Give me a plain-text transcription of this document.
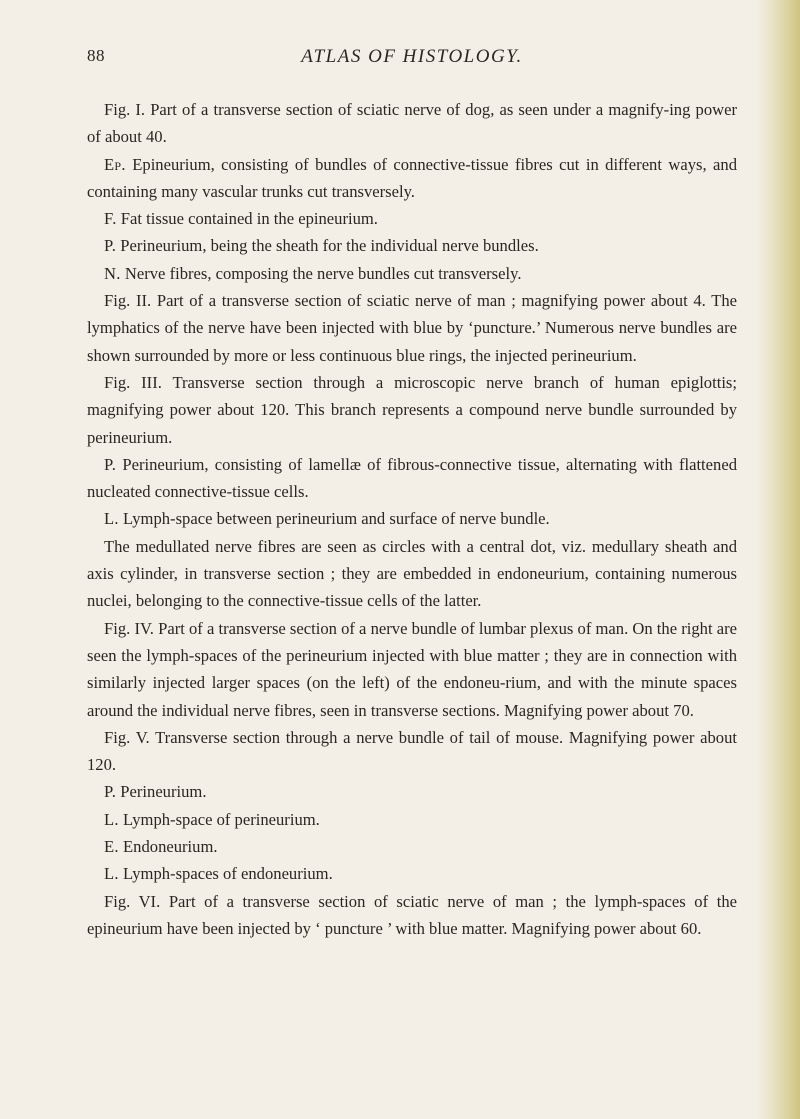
88	ATLAS OF HISTOLOGY.

Fig. I. Part of a transverse section of sciatic nerve of dog, as seen under a magnify-ing power of about 40.

Ep. Epineurium, consisting of bundles of connective-tissue fibres cut in different ways, and containing many vascular trunks cut transversely.

F. Fat tissue contained in the epineurium.

P. Perineurium, being the sheath for the individual nerve bundles.

N. Nerve fibres, composing the nerve bundles cut transversely.

Fig. II. Part of a transverse section of sciatic nerve of man ; magnifying power about 4. The lymphatics of the nerve have been injected with blue by ‘puncture.’ Numerous nerve bundles are shown surrounded by more or less continuous blue rings, the injected perineurium.

Fig. III. Transverse section through a microscopic nerve branch of human epiglottis; magnifying power about 120. This branch represents a compound nerve bundle surrounded by perineurium.

P. Perineurium, consisting of lamellæ of fibrous-connective tissue, alternating with flattened nucleated connective-tissue cells.

L. Lymph-space between perineurium and surface of nerve bundle.

The medullated nerve fibres are seen as circles with a central dot, viz. medullary sheath and axis cylinder, in transverse section ; they are embedded in endoneurium, containing numerous nuclei, belonging to the connective-tissue cells of the latter.

Fig. IV. Part of a transverse section of a nerve bundle of lumbar plexus of man. On the right are seen the lymph-spaces of the perineurium injected with blue matter ; they are in connection with similarly injected larger spaces (on the left) of the endoneu-rium, and with the minute spaces around the individual nerve fibres, seen in transverse sections. Magnifying power about 70.

Fig. V. Transverse section through a nerve bundle of tail of mouse. Magnifying power about 120.

P. Perineurium.

L. Lymph-space of perineurium.

E. Endoneurium.

L. Lymph-spaces of endoneurium.

Fig. VI. Part of a transverse section of sciatic nerve of man ; the lymph-spaces of the epineurium have been injected by ‘ puncture ’ with blue matter. Magnifying power about 60.
